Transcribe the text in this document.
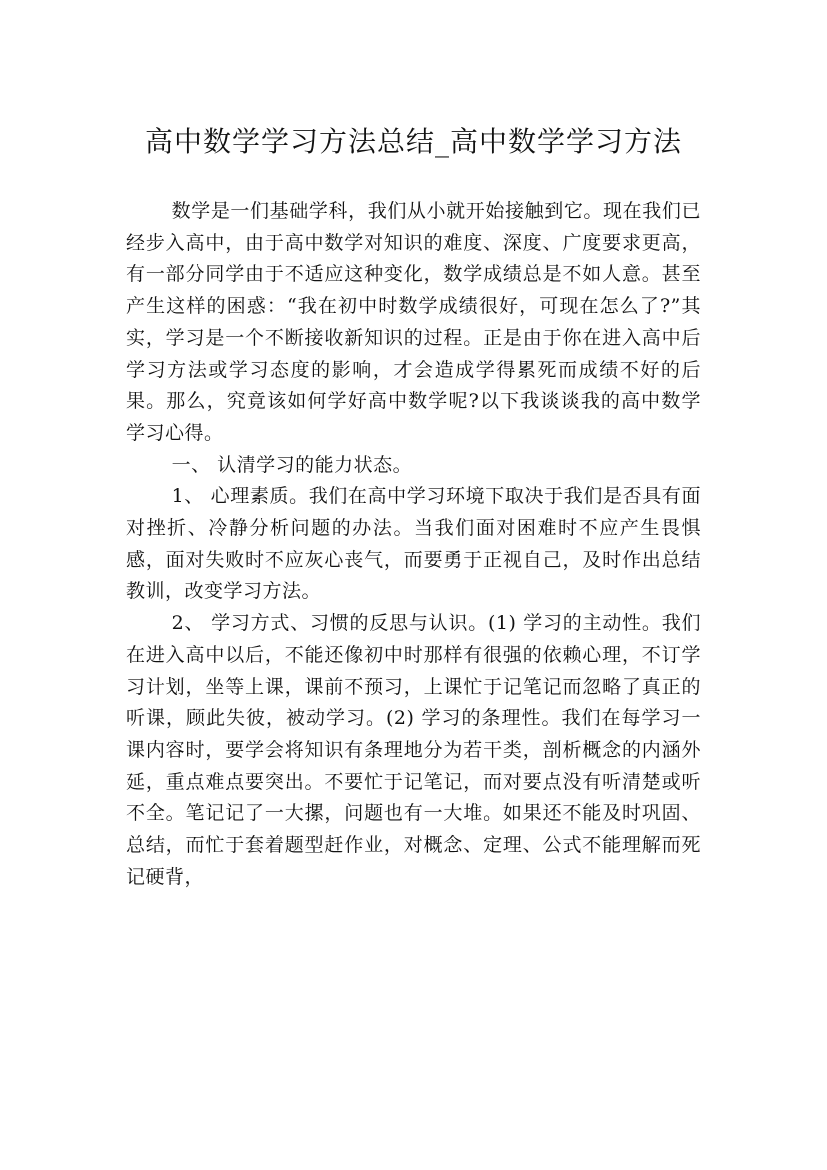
高中数学学习方法总结_高中数学学习方法

数学是一们基础学科，我们从小就开始接触到它。现在我们已经步入高中，由于高中数学对知识的难度、深度、广度要求更高，有一部分同学由于不适应这种变化，数学成绩总是不如人意。甚至产生这样的困惑：“我在初中时数学成绩很好，可现在怎么了?”其实，学习是一个不断接收新知识的过程。正是由于你在进入高中后学习方法或学习态度的影响，才会造成学得累死而成绩不好的后果。那么，究竟该如何学好高中数学呢?以下我谈谈我的高中数学学习心得。

一、 认清学习的能力状态。

1、 心理素质。我们在高中学习环境下取决于我们是否具有面对挫折、冷静分析问题的办法。当我们面对困难时不应产生畏惧感，面对失败时不应灰心丧气，而要勇于正视自己，及时作出总结教训，改变学习方法。

2、 学习方式、习惯的反思与认识。(1) 学习的主动性。我们在进入高中以后，不能还像初中时那样有很强的依赖心理，不订学习计划，坐等上课，课前不预习，上课忙于记笔记而忽略了真正的听课，顾此失彼，被动学习。(2) 学习的条理性。我们在每学习一课内容时，要学会将知识有条理地分为若干类，剖析概念的内涵外延，重点难点要突出。不要忙于记笔记，而对要点没有听清楚或听不全。笔记记了一大摞，问题也有一大堆。如果还不能及时巩固、总结，而忙于套着题型赶作业，对概念、定理、公式不能理解而死记硬背，
